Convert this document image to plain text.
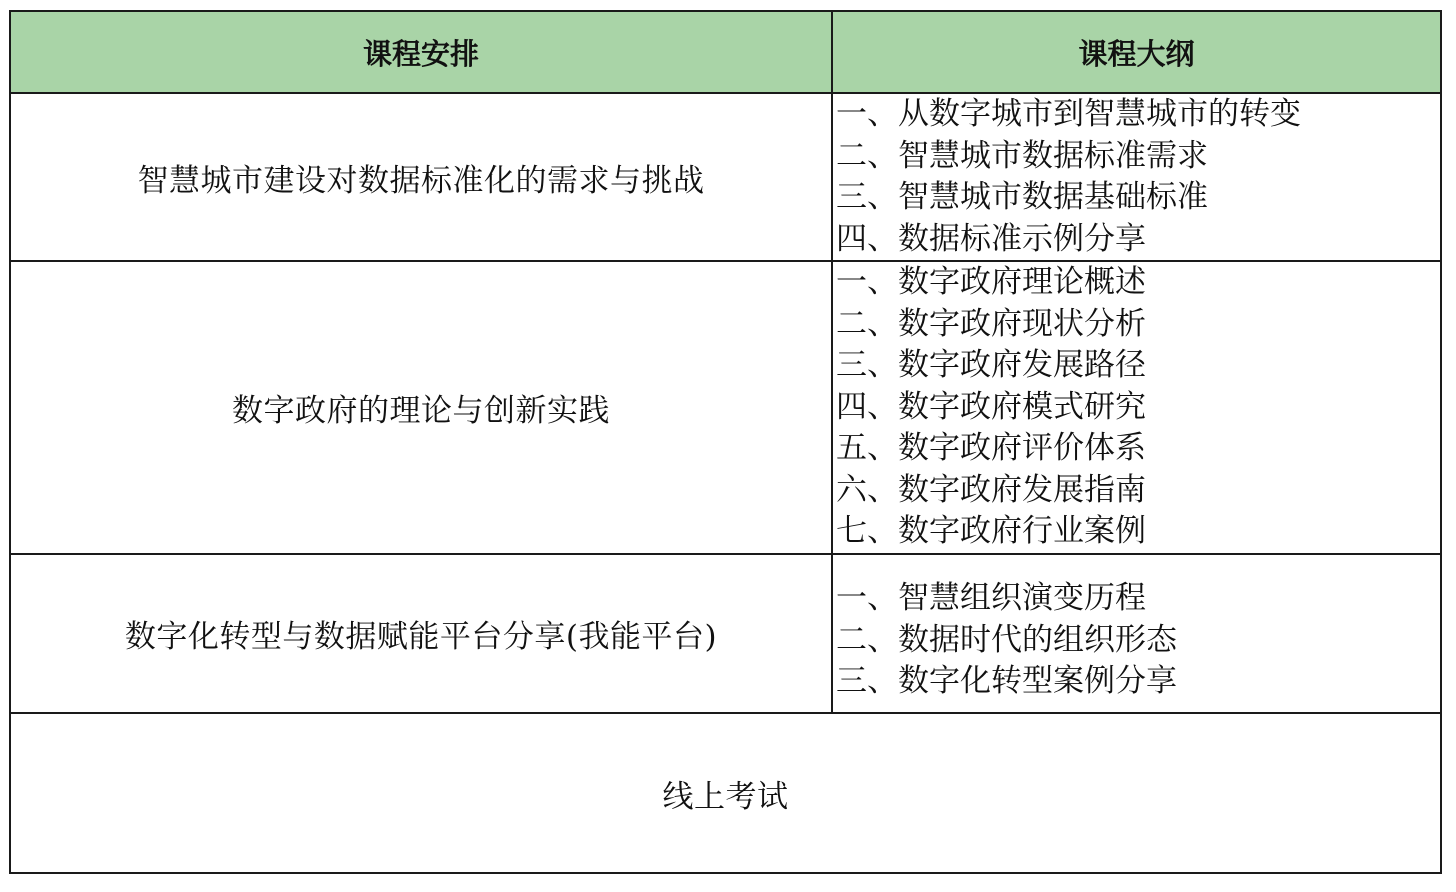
课程安排	课程大纲
智慧城市建设对数据标准化的需求与挑战
一、从数字城市到智慧城市的转变
二、智慧城市数据标准需求
三、智慧城市数据基础标准
四、数据标准示例分享
数字政府的理论与创新实践
一、数字政府理论概述
二、数字政府现状分析
三、数字政府发展路径
四、数字政府模式研究
五、数字政府评价体系
六、数字政府发展指南
七、数字政府行业案例
数字化转型与数据赋能平台分享(我能平台)
一、智慧组织演变历程
二、数据时代的组织形态
三、数字化转型案例分享
线上考试
